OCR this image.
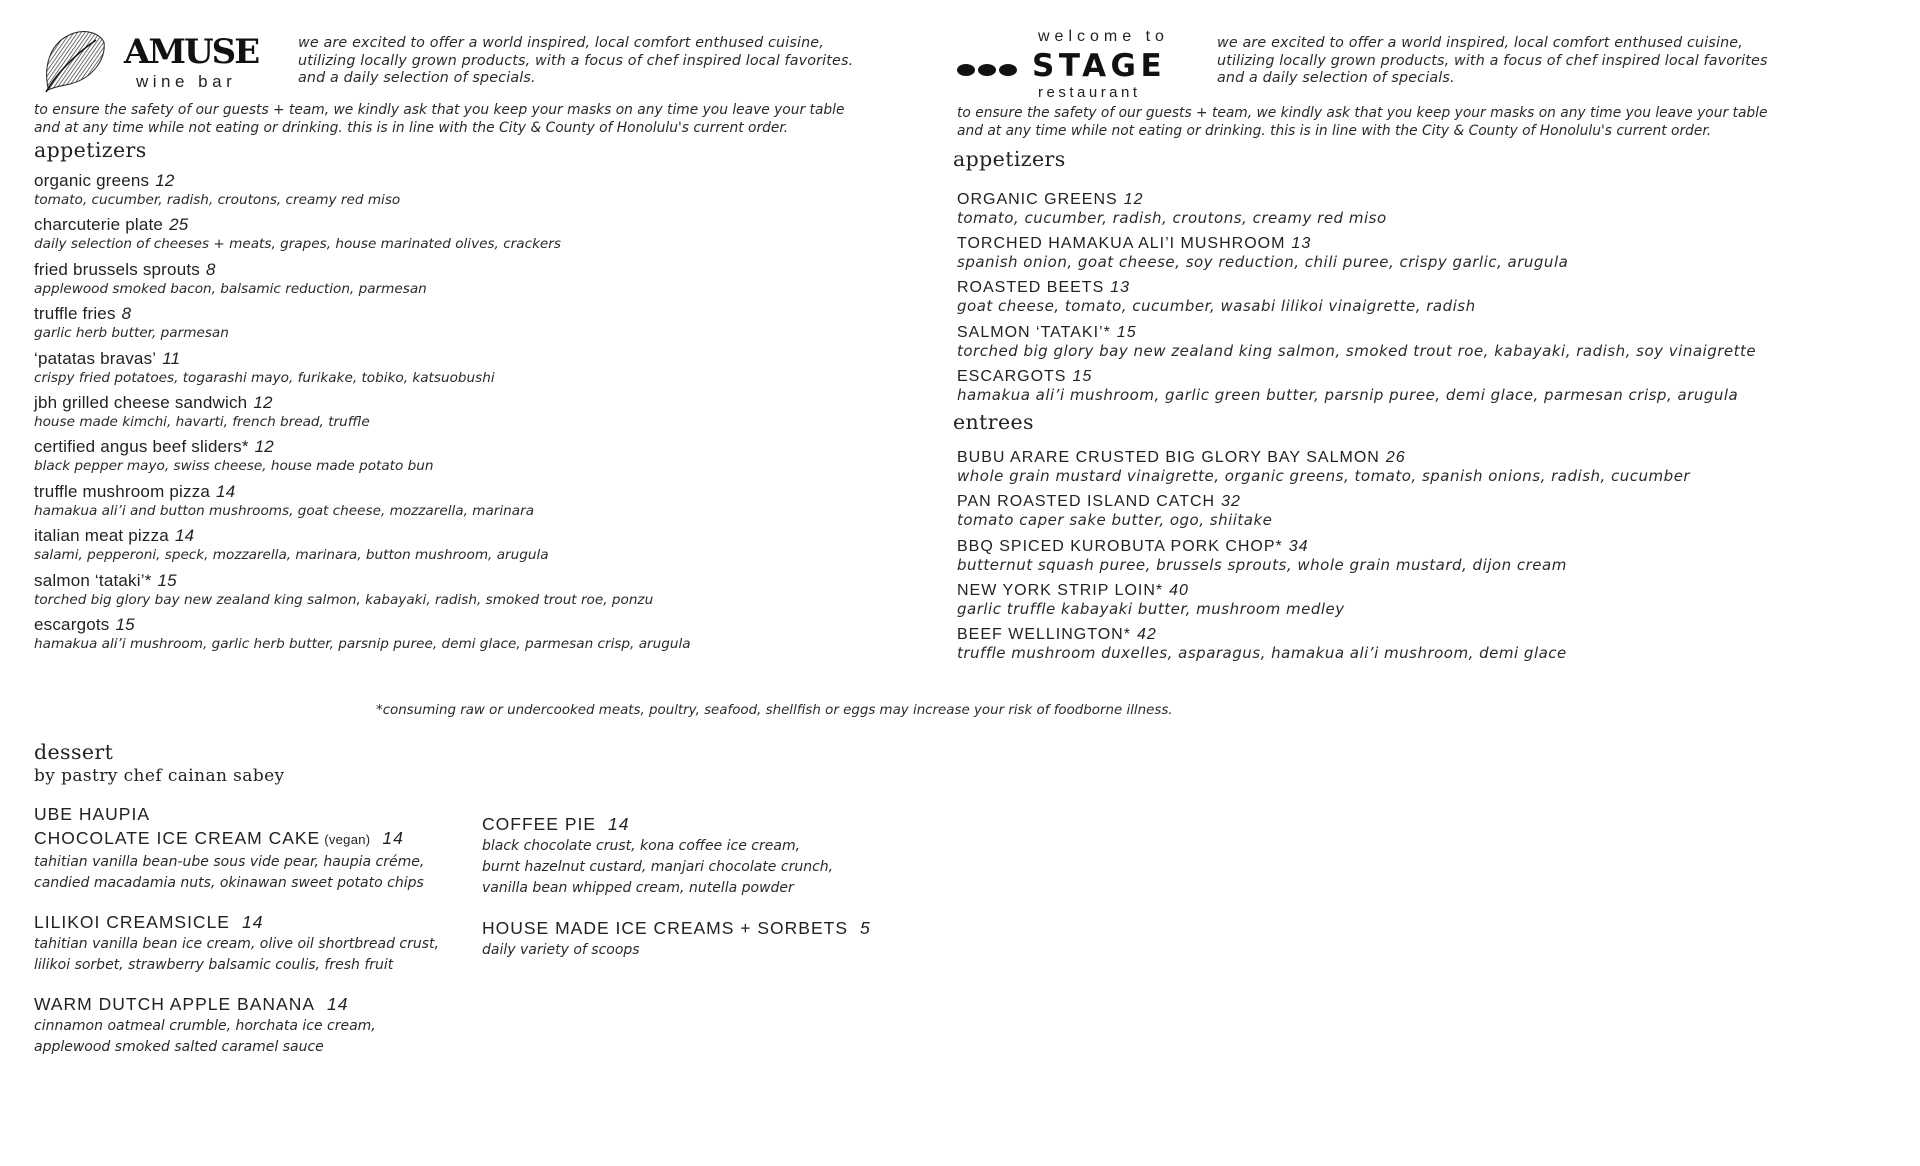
AMUSE
wine bar
we are excited to offer a world inspired, local comfort enthused cuisine,
utilizing locally grown products, with a focus of chef inspired local favorites.
and a daily selection of specials.
to ensure the safety of our guests + team, we kindly ask that you keep your masks on any time you leave your table
and at any time while not eating or drinking. this is in line with the City & County of Honolulu's current order.
appetizers
organic greens 12
tomato, cucumber, radish, croutons, creamy red miso
charcuterie plate 25
daily selection of cheeses + meats, grapes, house marinated olives, crackers
fried brussels sprouts 8
applewood smoked bacon, balsamic reduction, parmesan
truffle fries 8
garlic herb butter, parmesan
‘patatas bravas’ 11
crispy fried potatoes, togarashi mayo, furikake, tobiko, katsuobushi
jbh grilled cheese sandwich 12
house made kimchi, havarti, french bread, truffle
certified angus beef sliders* 12
black pepper mayo, swiss cheese, house made potato bun
truffle mushroom pizza 14
hamakua ali’i and button mushrooms, goat cheese, mozzarella, marinara
italian meat pizza 14
salami, pepperoni, speck, mozzarella, marinara, button mushroom, arugula
salmon ‘tataki’* 15
torched big glory bay new zealand king salmon, kabayaki, radish, smoked trout roe, ponzu
escargots 15
hamakua ali’i mushroom, garlic herb butter, parsnip puree, demi glace, parmesan crisp, arugula
welcome to
STAGE
restaurant
we are excited to offer a world inspired, local comfort enthused cuisine,
utilizing locally grown products, with a focus of chef inspired local favorites
and a daily selection of specials.
to ensure the safety of our guests + team, we kindly ask that you keep your masks on any time you leave your table
and at any time while not eating or drinking. this is in line with the City & County of Honolulu's current order.
appetizers
ORGANIC GREENS 12
tomato, cucumber, radish, croutons, creamy red miso
TORCHED HAMAKUA ALI’I MUSHROOM 13
spanish onion, goat cheese, soy reduction, chili puree, crispy garlic, arugula
ROASTED BEETS 13
goat cheese, tomato, cucumber, wasabi lilikoi vinaigrette, radish
SALMON ‘TATAKI’* 15
torched big glory bay new zealand king salmon, smoked trout roe, kabayaki, radish, soy vinaigrette
ESCARGOTS 15
hamakua ali’i mushroom, garlic green butter, parsnip puree, demi glace, parmesan crisp, arugula
entrees
BUBU ARARE CRUSTED BIG GLORY BAY SALMON 26
whole grain mustard vinaigrette, organic greens, tomato, spanish onions, radish, cucumber
PAN ROASTED ISLAND CATCH 32
tomato caper sake butter, ogo, shiitake
BBQ SPICED KUROBUTA PORK CHOP* 34
butternut squash puree, brussels sprouts, whole grain mustard, dijon cream
NEW YORK STRIP LOIN* 40
garlic truffle kabayaki butter, mushroom medley
BEEF WELLINGTON* 42
truffle mushroom duxelles, asparagus, hamakua ali’i mushroom, demi glace
*consuming raw or undercooked meats, poultry, seafood, shellfish or eggs may increase your risk of foodborne illness.
dessert
by pastry chef cainan sabey
UBE HAUPIA
CHOCOLATE ICE CREAM CAKE (vegan) 14
tahitian vanilla bean-ube sous vide pear, haupia créme,
candied macadamia nuts, okinawan sweet potato chips
LILIKOI CREAMSICLE 14
tahitian vanilla bean ice cream, olive oil shortbread crust,
lilikoi sorbet, strawberry balsamic coulis, fresh fruit
WARM DUTCH APPLE BANANA 14
cinnamon oatmeal crumble, horchata ice cream,
applewood smoked salted caramel sauce
COFFEE PIE 14
black chocolate crust, kona coffee ice cream,
burnt hazelnut custard, manjari chocolate crunch,
vanilla bean whipped cream, nutella powder
HOUSE MADE ICE CREAMS + SORBETS 5
daily variety of scoops
